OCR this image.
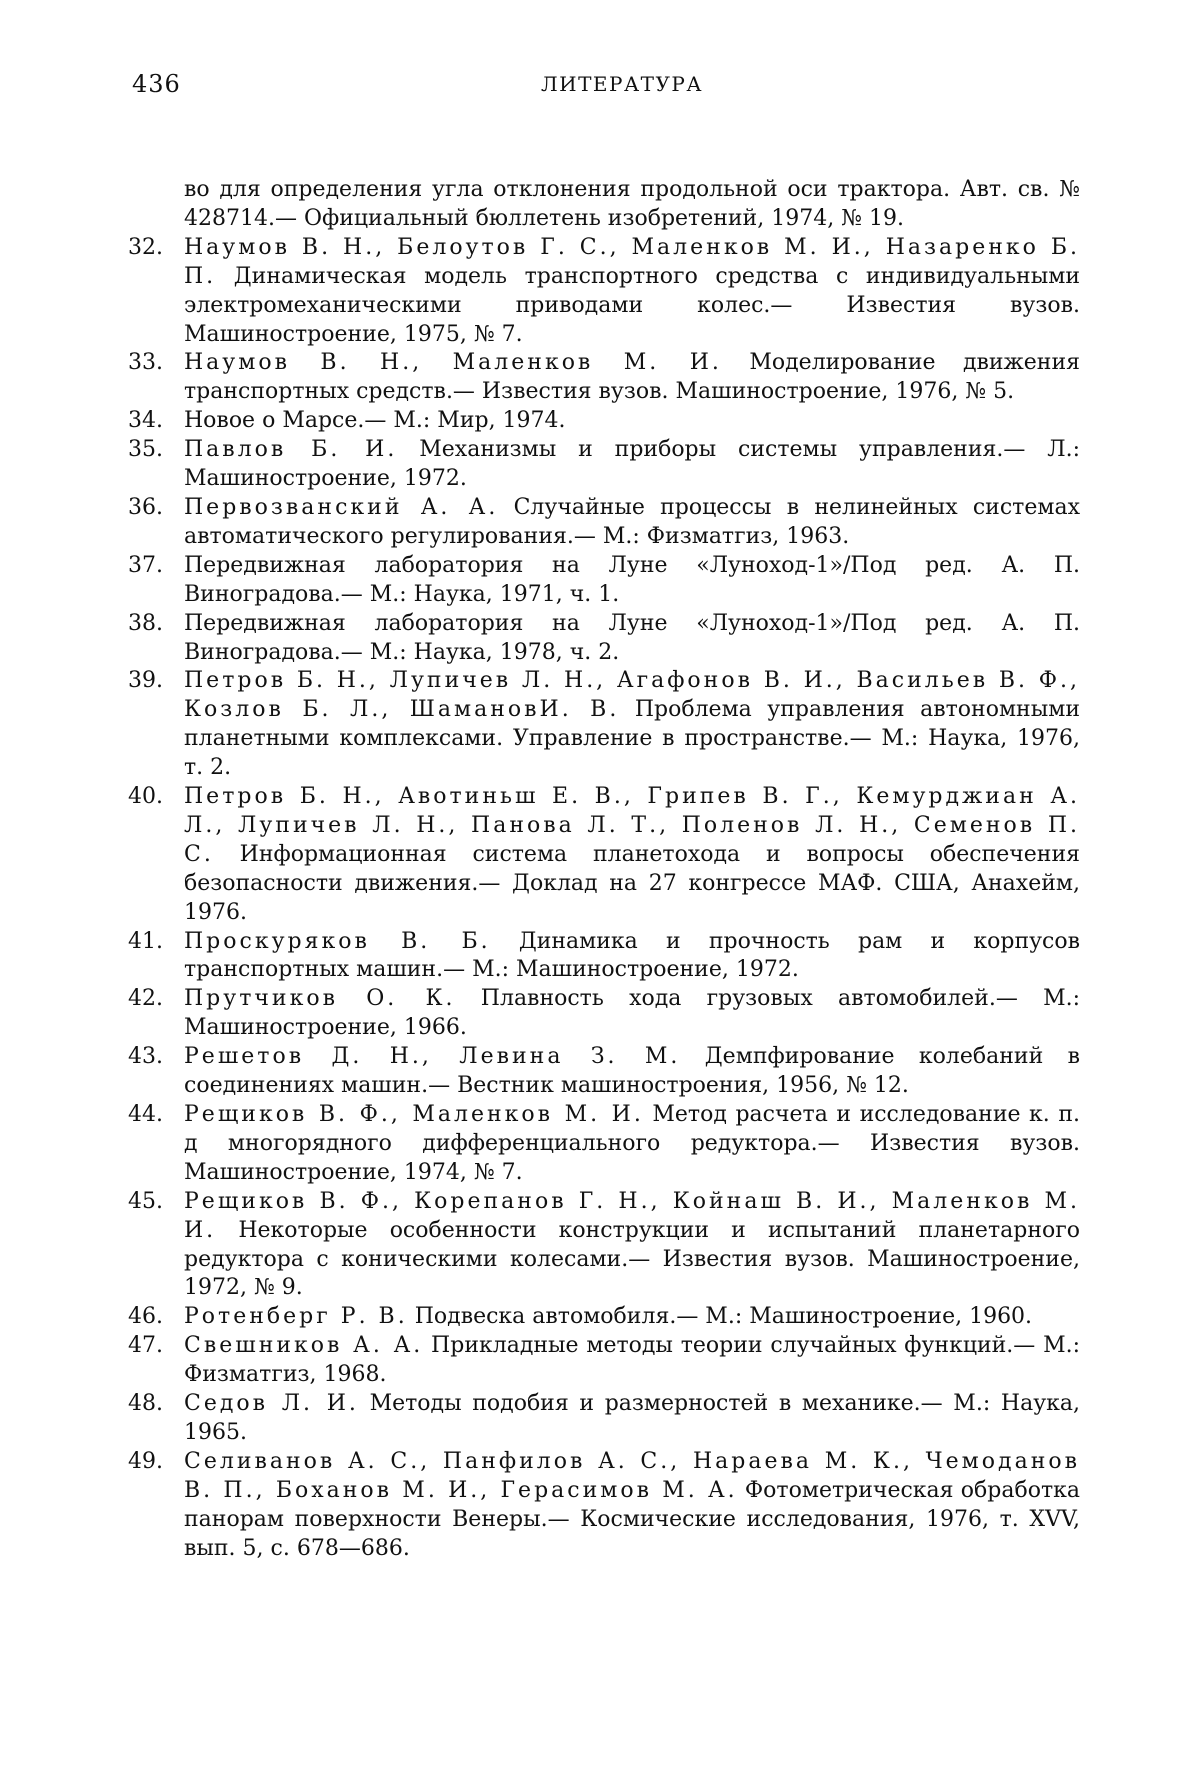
436	ЛИТЕРАТУРА
во для определения угла отклонения продольной оси трактора. Авт. св. № 428714.— Официальный бюллетень изобретений, 1974, № 19.
32. Наумов В. Н., Белоутов Г. С., Маленков М. И., Назаренко Б. П. Динамическая модель транспортного средства с индивидуальными электромеханическими приводами колес.— Известия вузов. Машиностроение, 1975, № 7.
33. Наумов В. Н., Маленков М. И. Моделирование движения транспортных средств.— Известия вузов. Машиностроение, 1976, № 5.
34. Новое о Марсе.— М.: Мир, 1974.
35. Павлов Б. И. Механизмы и приборы системы управления.— Л.: Машиностроение, 1972.
36. Первозванский А. А. Случайные процессы в нелинейных системах автоматического регулирования.— М.: Физматгиз, 1963.
37. Передвижная лаборатория на Луне «Луноход-1»/Под ред. А. П. Виноградова.— М.: Наука, 1971, ч. 1.
38. Передвижная лаборатория на Луне «Луноход-1»/Под ред. А. П. Виноградова.— М.: Наука, 1978, ч. 2.
39. Петров Б. Н., Лупичев Л. Н., Агафонов В. И., Васильев В. Ф., Козлов Б. Л., ШамановИ. В. Проблема управления автономными планетными комплексами. Управление в пространстве.— М.: Наука, 1976, т. 2.
40. Петров Б. Н., Авотиньш Е. В., Грипев В. Г., Кемурджиан А. Л., Лупичев Л. Н., Панова Л. Т., Поленов Л. Н., Семенов П. С. Информационная система планетохода и вопросы обеспечения безопасности движения.— Доклад на 27 конгрессе МАФ. США, Анахейм, 1976.
41. Проскуряков В. Б. Динамика и прочность рам и корпусов транспортных машин.— М.: Машиностроение, 1972.
42. Прутчиков О. К. Плавность хода грузовых автомобилей.— М.: Машиностроение, 1966.
43. Решетов Д. Н., Левина З. М. Демпфирование колебаний в соединениях машин.— Вестник машиностроения, 1956, № 12.
44. Рещиков В. Ф., Маленков М. И. Метод расчета и исследование к. п. д многорядного дифференциального редуктора.— Известия вузов. Машиностроение, 1974, № 7.
45. Рещиков В. Ф., Корепанов Г. Н., Койнаш В. И., Маленков М. И. Некоторые особенности конструкции и испытаний планетарного редуктора с коническими колесами.— Известия вузов. Машиностроение, 1972, № 9.
46. Ротенберг Р. В. Подвеска автомобиля.— М.: Машиностроение, 1960.
47. Свешников А. А. Прикладные методы теории случайных функций.— М.: Физматгиз, 1968.
48. Седов Л. И. Методы подобия и размерностей в механике.— М.: Наука, 1965.
49. Селиванов А. С., Панфилов А. С., Нараева М. К., Чемоданов В. П., Боханов М. И., Герасимов М. А. Фотометрическая обработка панорам поверхности Венеры.— Космические исследования, 1976, т. XVV, вып. 5, с. 678—686.
